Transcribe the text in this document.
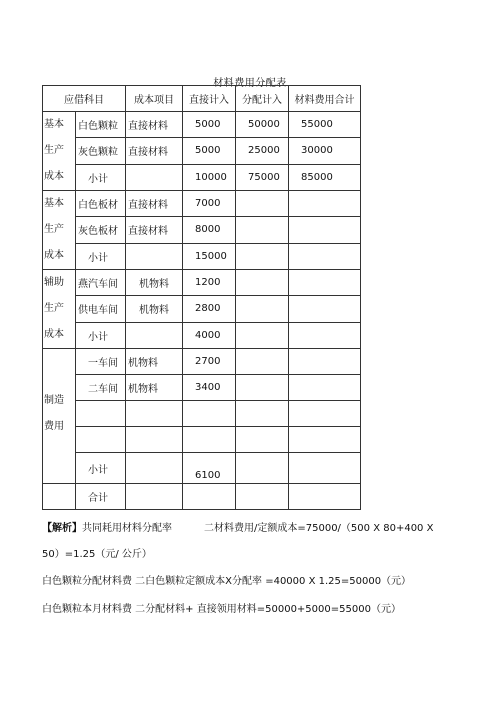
材料费用分配表
应借科目		成本项目	直接计入	分配计入	材料费用合计

基本
生产
成本	白色颗粒	直接材料	5000	50000	55000
	灰色颗粒	直接材料	5000	25000	30000
	小计		10000	75000	85000

基本
生产
成本	白色板材	直接材料	7000		
	灰色板材	直接材料	8000		
	小计		15000		

辅助
生产
成本	燕汽车间	机物料	1200		
	供电车间	机物料	2800		
	小计		4000		

制造
费用	一车间	机物料	2700		
	二车间	机物料	3400		

	小计		6100		
	合计				
【解析】共同耗用材料分配率	二材料费用/定额成本=75000/（500 X 80+400 X
50）=1.25（元/ 公斤）
白色颗粒分配材料费 二白色颗粒定额成本X分配率 =40000 X 1.25=50000（元）
白色颗粒本月材料费 二分配材料+ 直接领用材料=50000+5000=55000（元）
